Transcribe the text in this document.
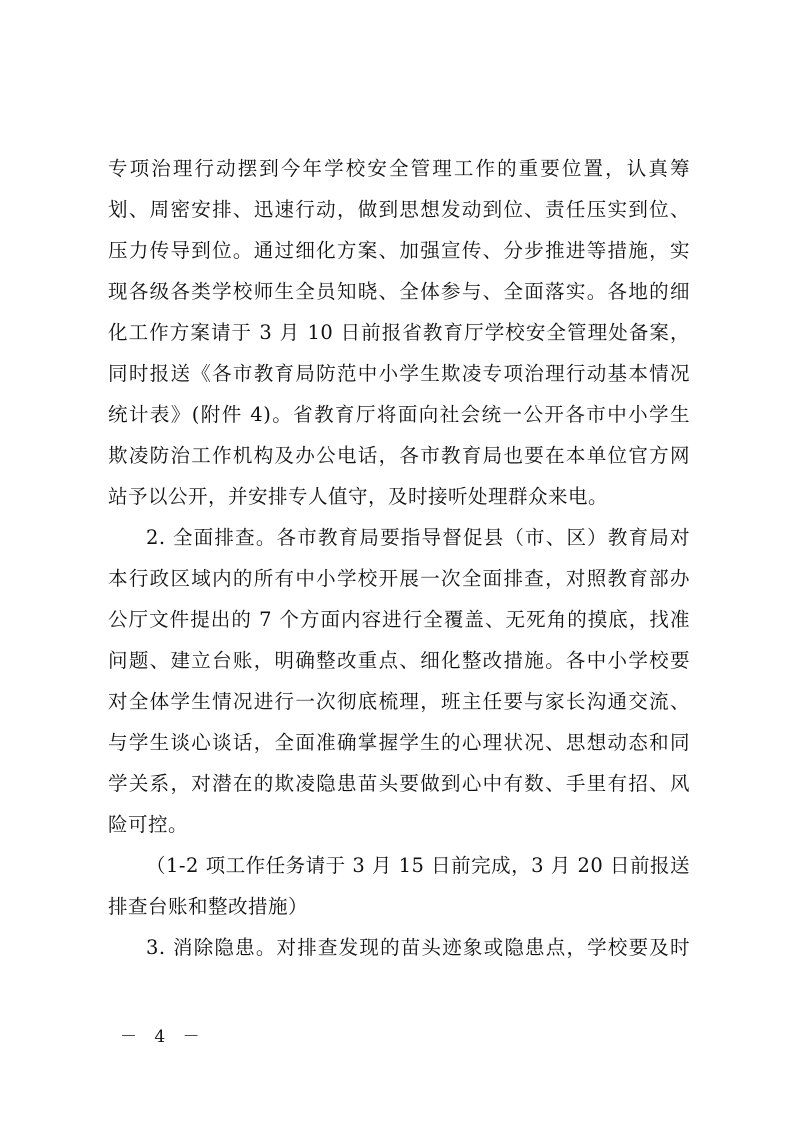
专项治理行动摆到今年学校安全管理工作的重要位置，认真筹
划、周密安排、迅速行动，做到思想发动到位、责任压实到位、
压力传导到位。通过细化方案、加强宣传、分步推进等措施，实
现各级各类学校师生全员知晓、全体参与、全面落实。各地的细
化工作方案请于 3 月 10 日前报省教育厅学校安全管理处备案，
同时报送《各市教育局防范中小学生欺凌专项治理行动基本情况
统计表》(附件 4)。省教育厅将面向社会统一公开各市中小学生
欺凌防治工作机构及办公电话，各市教育局也要在本单位官方网
站予以公开，并安排专人值守，及时接听处理群众来电。
2. 全面排查。各市教育局要指导督促县（市、区）教育局对
本行政区域内的所有中小学校开展一次全面排查，对照教育部办
公厅文件提出的 7 个方面内容进行全覆盖、无死角的摸底，找准
问题、建立台账，明确整改重点、细化整改措施。各中小学校要
对全体学生情况进行一次彻底梳理，班主任要与家长沟通交流、
与学生谈心谈话，全面准确掌握学生的心理状况、思想动态和同
学关系，对潜在的欺凌隐患苗头要做到心中有数、手里有招、风
险可控。
（1-2 项工作任务请于 3 月 15 日前完成，3 月 20 日前报送
排查台账和整改措施）
3. 消除隐患。对排查发现的苗头迹象或隐患点，学校要及时
－ 4 －
